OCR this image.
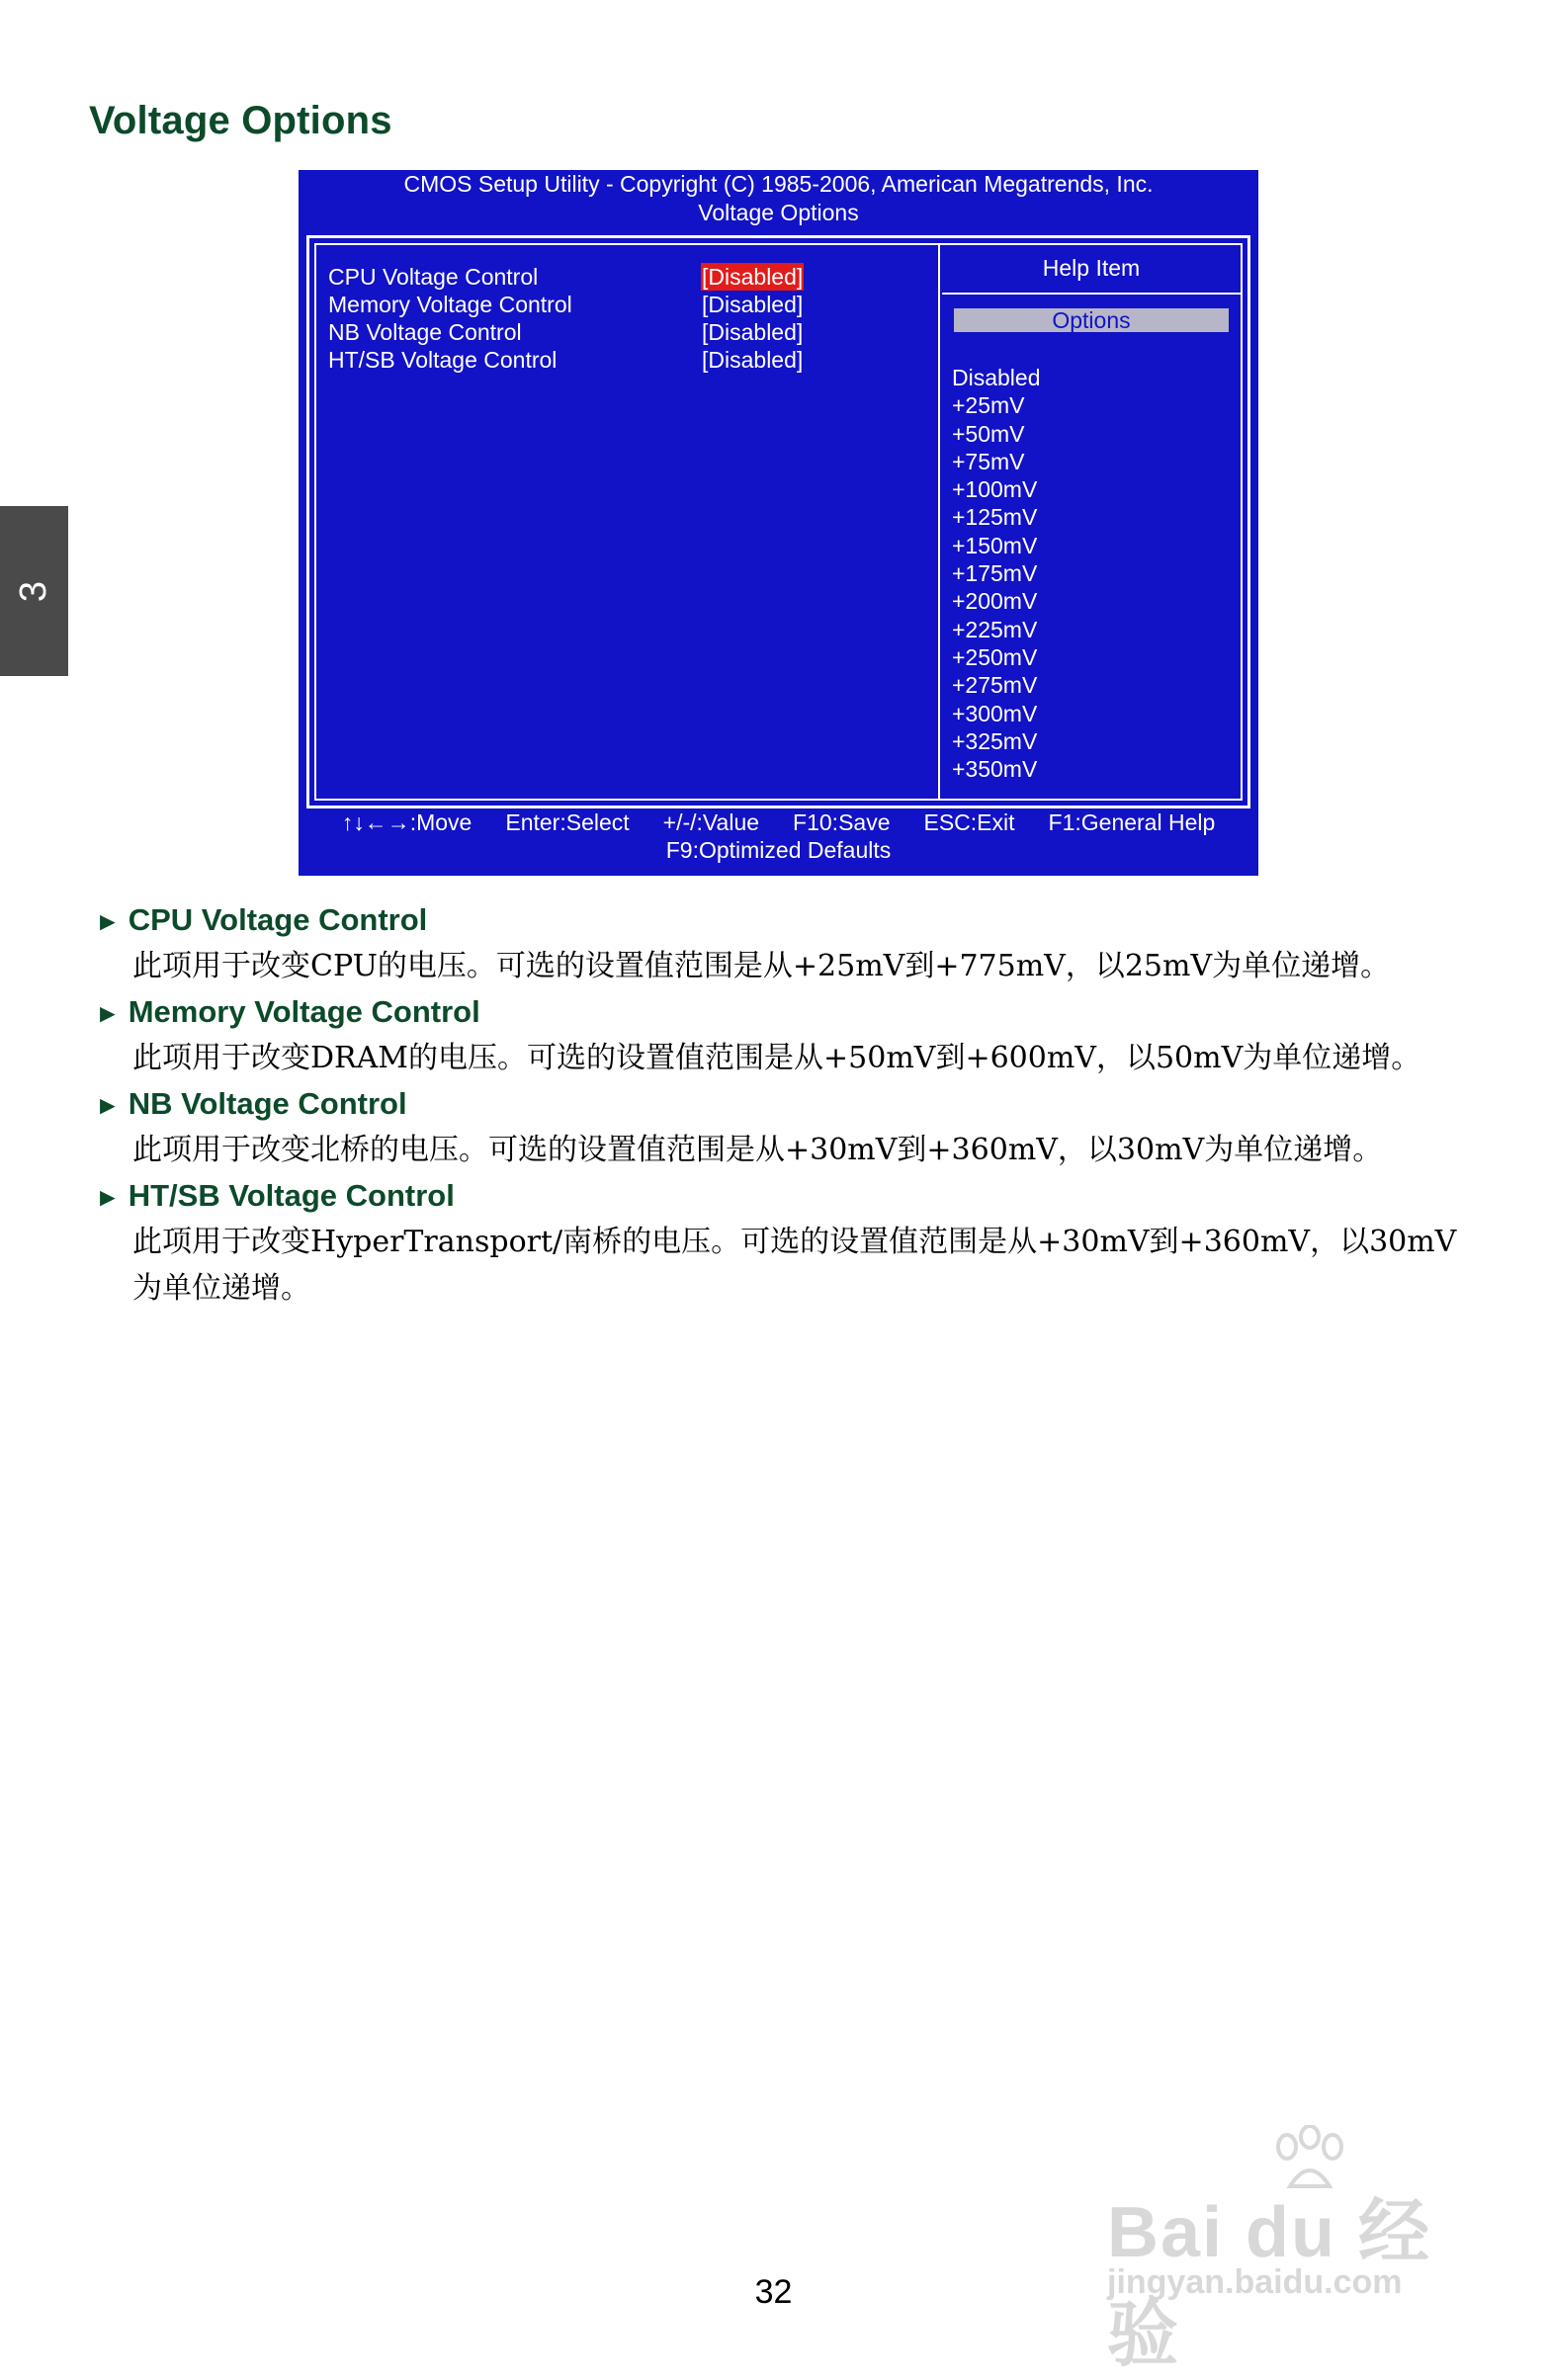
Voltage Options
3
CMOS Setup Utility - Copyright (C) 1985-2006, American Megatrends, Inc.
Voltage Options
CPU Voltage Control	[Disabled]
Memory Voltage Control	[Disabled]
NB Voltage Control	[Disabled]
HT/SB Voltage Control	[Disabled]
Help Item
Options
Disabled
+25mV
+50mV
+75mV
+100mV
+125mV
+150mV
+175mV
+200mV
+225mV
+250mV
+275mV
+300mV
+325mV
+350mV
↑↓←→:Move Enter:Select +/-/:Value F10:Save ESC:Exit F1:General Help
F9:Optimized Defaults
► CPU Voltage Control
此项用于改变CPU的电压。可选的设置值范围是从+25mV到+775mV，以25mV为单位递增。
► Memory Voltage Control
此项用于改变DRAM的电压。可选的设置值范围是从+50mV到+600mV，以50mV为单位递增。
► NB Voltage Control
此项用于改变北桥的电压。可选的设置值范围是从+30mV到+360mV，以30mV为单位递增。
► HT/SB Voltage Control
此项用于改变HyperTransport/南桥的电压。可选的设置值范围是从+30mV到+360mV，以30mV为单位递增。
Bai du 经验
jingyan.baidu.com
32
